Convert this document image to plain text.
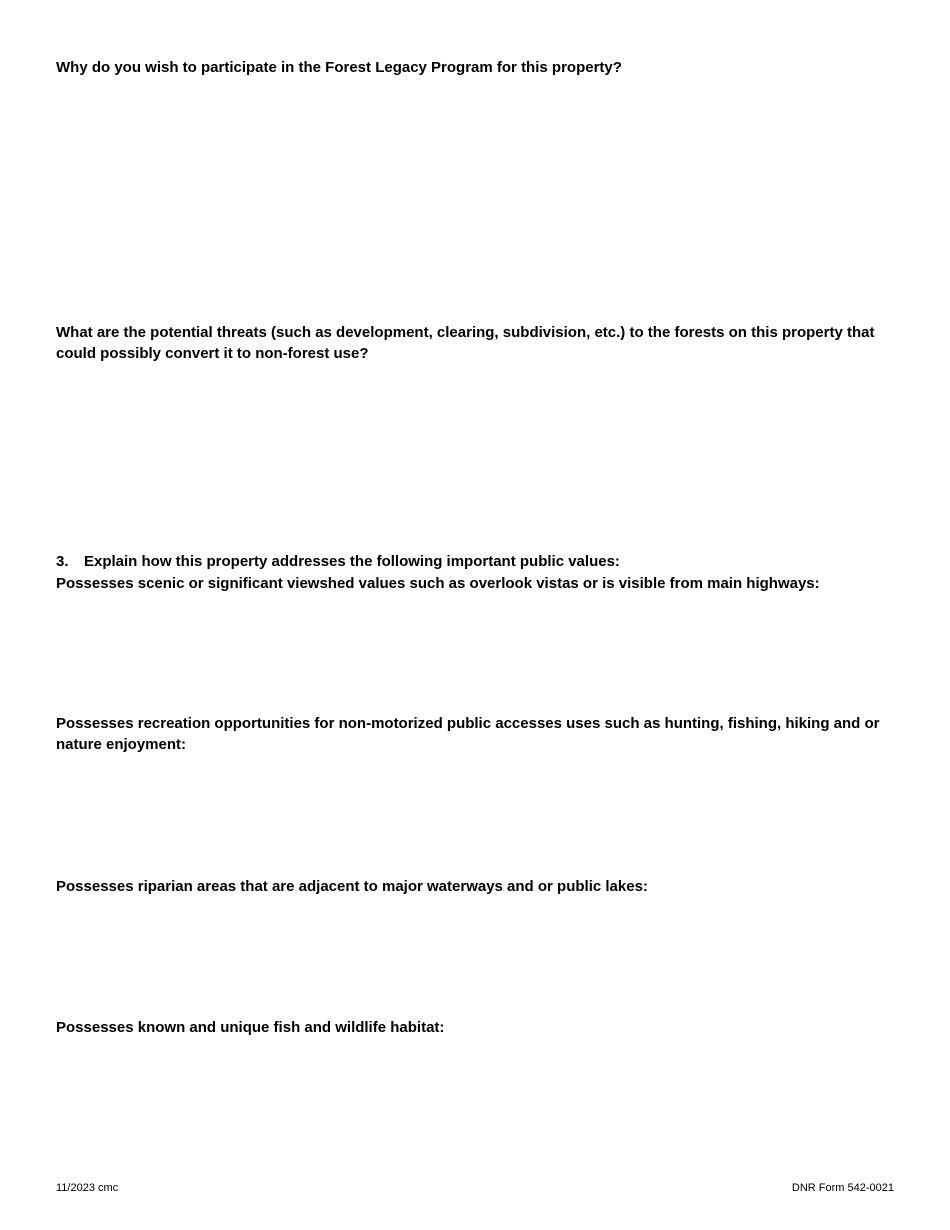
Why do you wish to participate in the Forest Legacy Program for this property?

What are the potential threats (such as development, clearing, subdivision, etc.) to the forests on this property that could possibly convert it to non-forest use?

3. Explain how this property addresses the following important public values:

Possesses scenic or significant viewshed values such as overlook vistas or is visible from main highways:

Possesses recreation opportunities for non-motorized public accesses uses such as hunting, fishing, hiking and or nature enjoyment:

Possesses riparian areas that are adjacent to major waterways and or public lakes:

Possesses known and unique fish and wildlife habitat:

11/2023 cmc	DNR Form 542-0021
